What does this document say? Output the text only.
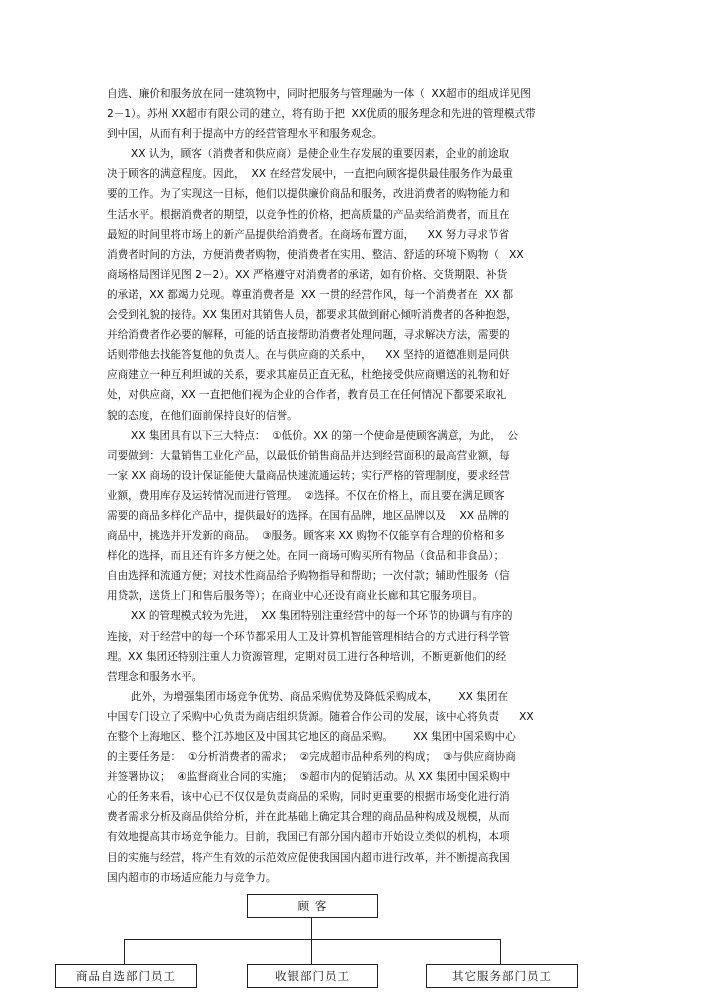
自选、廉价和服务放在同一建筑物中，同时把服务与管理融为一体（  XX超市的组成详见图
2－1）。苏州 XX超市有限公司的建立，将有助于把  XX优质的服务理念和先进的管理模式带
到中国，从而有利于提高中方的经营管理水平和服务观念。
XX 认为，顾客（消费者和供应商）是使企业生存发展的重要因素，企业的前途取
决于顾客的满意程度。因此，  XX 在经营发展中，一直把向顾客提供最佳服务作为最重
要的工作。为了实现这一目标，他们以提供廉价商品和服务，改进消费者的购物能力和
生活水平。根据消费者的期望，以竞争性的价格，把高质量的产品卖给消费者，而且在
最短的时间里将市场上的新产品提供给消费者。在商场布置方面，    XX 努力寻求节省
消费者时间的方法，方便消费者购物，使消费者在实用、整洁、舒适的环境下购物（   XX
商场格局图详见图 2－2）。XX 严格遵守对消费者的承诺，如有价格、交货期限、补货
的承诺，XX 都竭力兑现。尊重消费者是  XX 一贯的经营作风，每一个消费者在  XX 都
会受到礼貌的接待。XX 集团对其销售人员，都要求其做到耐心倾听消费者的各种抱怨，
并给消费者作必要的解释，可能的话直接帮助消费者处理问题，寻求解决方法，需要的
话则带他去找能答复他的负责人。在与供应商的关系中，    XX 坚持的道德准则是同供
应商建立一种互利坦诚的关系，要求其雇员正直无私，杜绝接受供应商赠送的礼物和好
处，对供应商，XX 一直把他们视为企业的合作者，教育员工在任何情况下都要采取礼
貌的态度，在他们面前保持良好的信誉。
XX 集团具有以下三大特点：  ①低价。XX 的第一个使命是使顾客满意，为此，  公
司要做到：大量销售工业化产品，以最低价销售商品并达到经营面积的最高营业额，每
一家 XX 商场的设计保证能使大量商品快速流通运转；实行严格的管理制度，要求经营
业额，费用库存及运转情况而进行管理。  ②选择。不仅在价格上，而且要在满足顾客
需要的商品多样化产品中，提供最好的选择。在国有品牌，地区品牌以及    XX 品牌的
商品中，挑选并开发新的商品。  ③服务。顾客来 XX 购物不仅能享有合理的价格和多
样化的选择，而且还有许多方便之处。在同一商场可购买所有物品（食品和非食品）；
自由选择和流通方便；对技术性商品给予购物指导和帮助；一次付款；辅助性服务（信
用贷款，送货上门和售后服务等）；在商业中心还设有商业长廊和其它服务项目。
XX 的管理模式较为先进，  XX 集团特别注重经营中的每一个环节的协调与有序的
连接，对于经营中的每一个环节都采用人工及计算机智能管理相结合的方式进行科学管
理。XX 集团还特别注重人力资源管理，定期对员工进行各种培训，不断更新他们的经
营理念和服务水平。
此外，为增强集团市场竞争优势、商品采购优势及降低采购成本，      XX 集团在
中国专门设立了采购中心负责为商店组织货源。随着合作公司的发展，该中心将负责      XX
在整个上海地区、整个江苏地区及中国其它地区的商品采购。      XX 集团中国采购中心
的主要任务是：  ①分析消费者的需求；  ②完成超市品种系列的构成；  ③与供应商协商
并签署协议；  ④监督商业合同的实施；  ⑤超市内的促销活动。从 XX 集团中国采购中
心的任务来看，该中心已不仅仅是负责商品的采购，同时更重要的根据市场变化进行消
费者需求分析及商品供给分析，并在此基础上确定其合理的商品品种构成及规模，从而
有效地提高其市场竞争能力。目前，我国已有部分国内超市开始设立类似的机构，本项
目的实施与经营，将产生有效的示范效应促使我国国内超市进行改革，并不断提高我国
国内超市的市场适应能力与竞争力。
顾 客
商品自选部门员工	收银部门员工	其它服务部门员工
